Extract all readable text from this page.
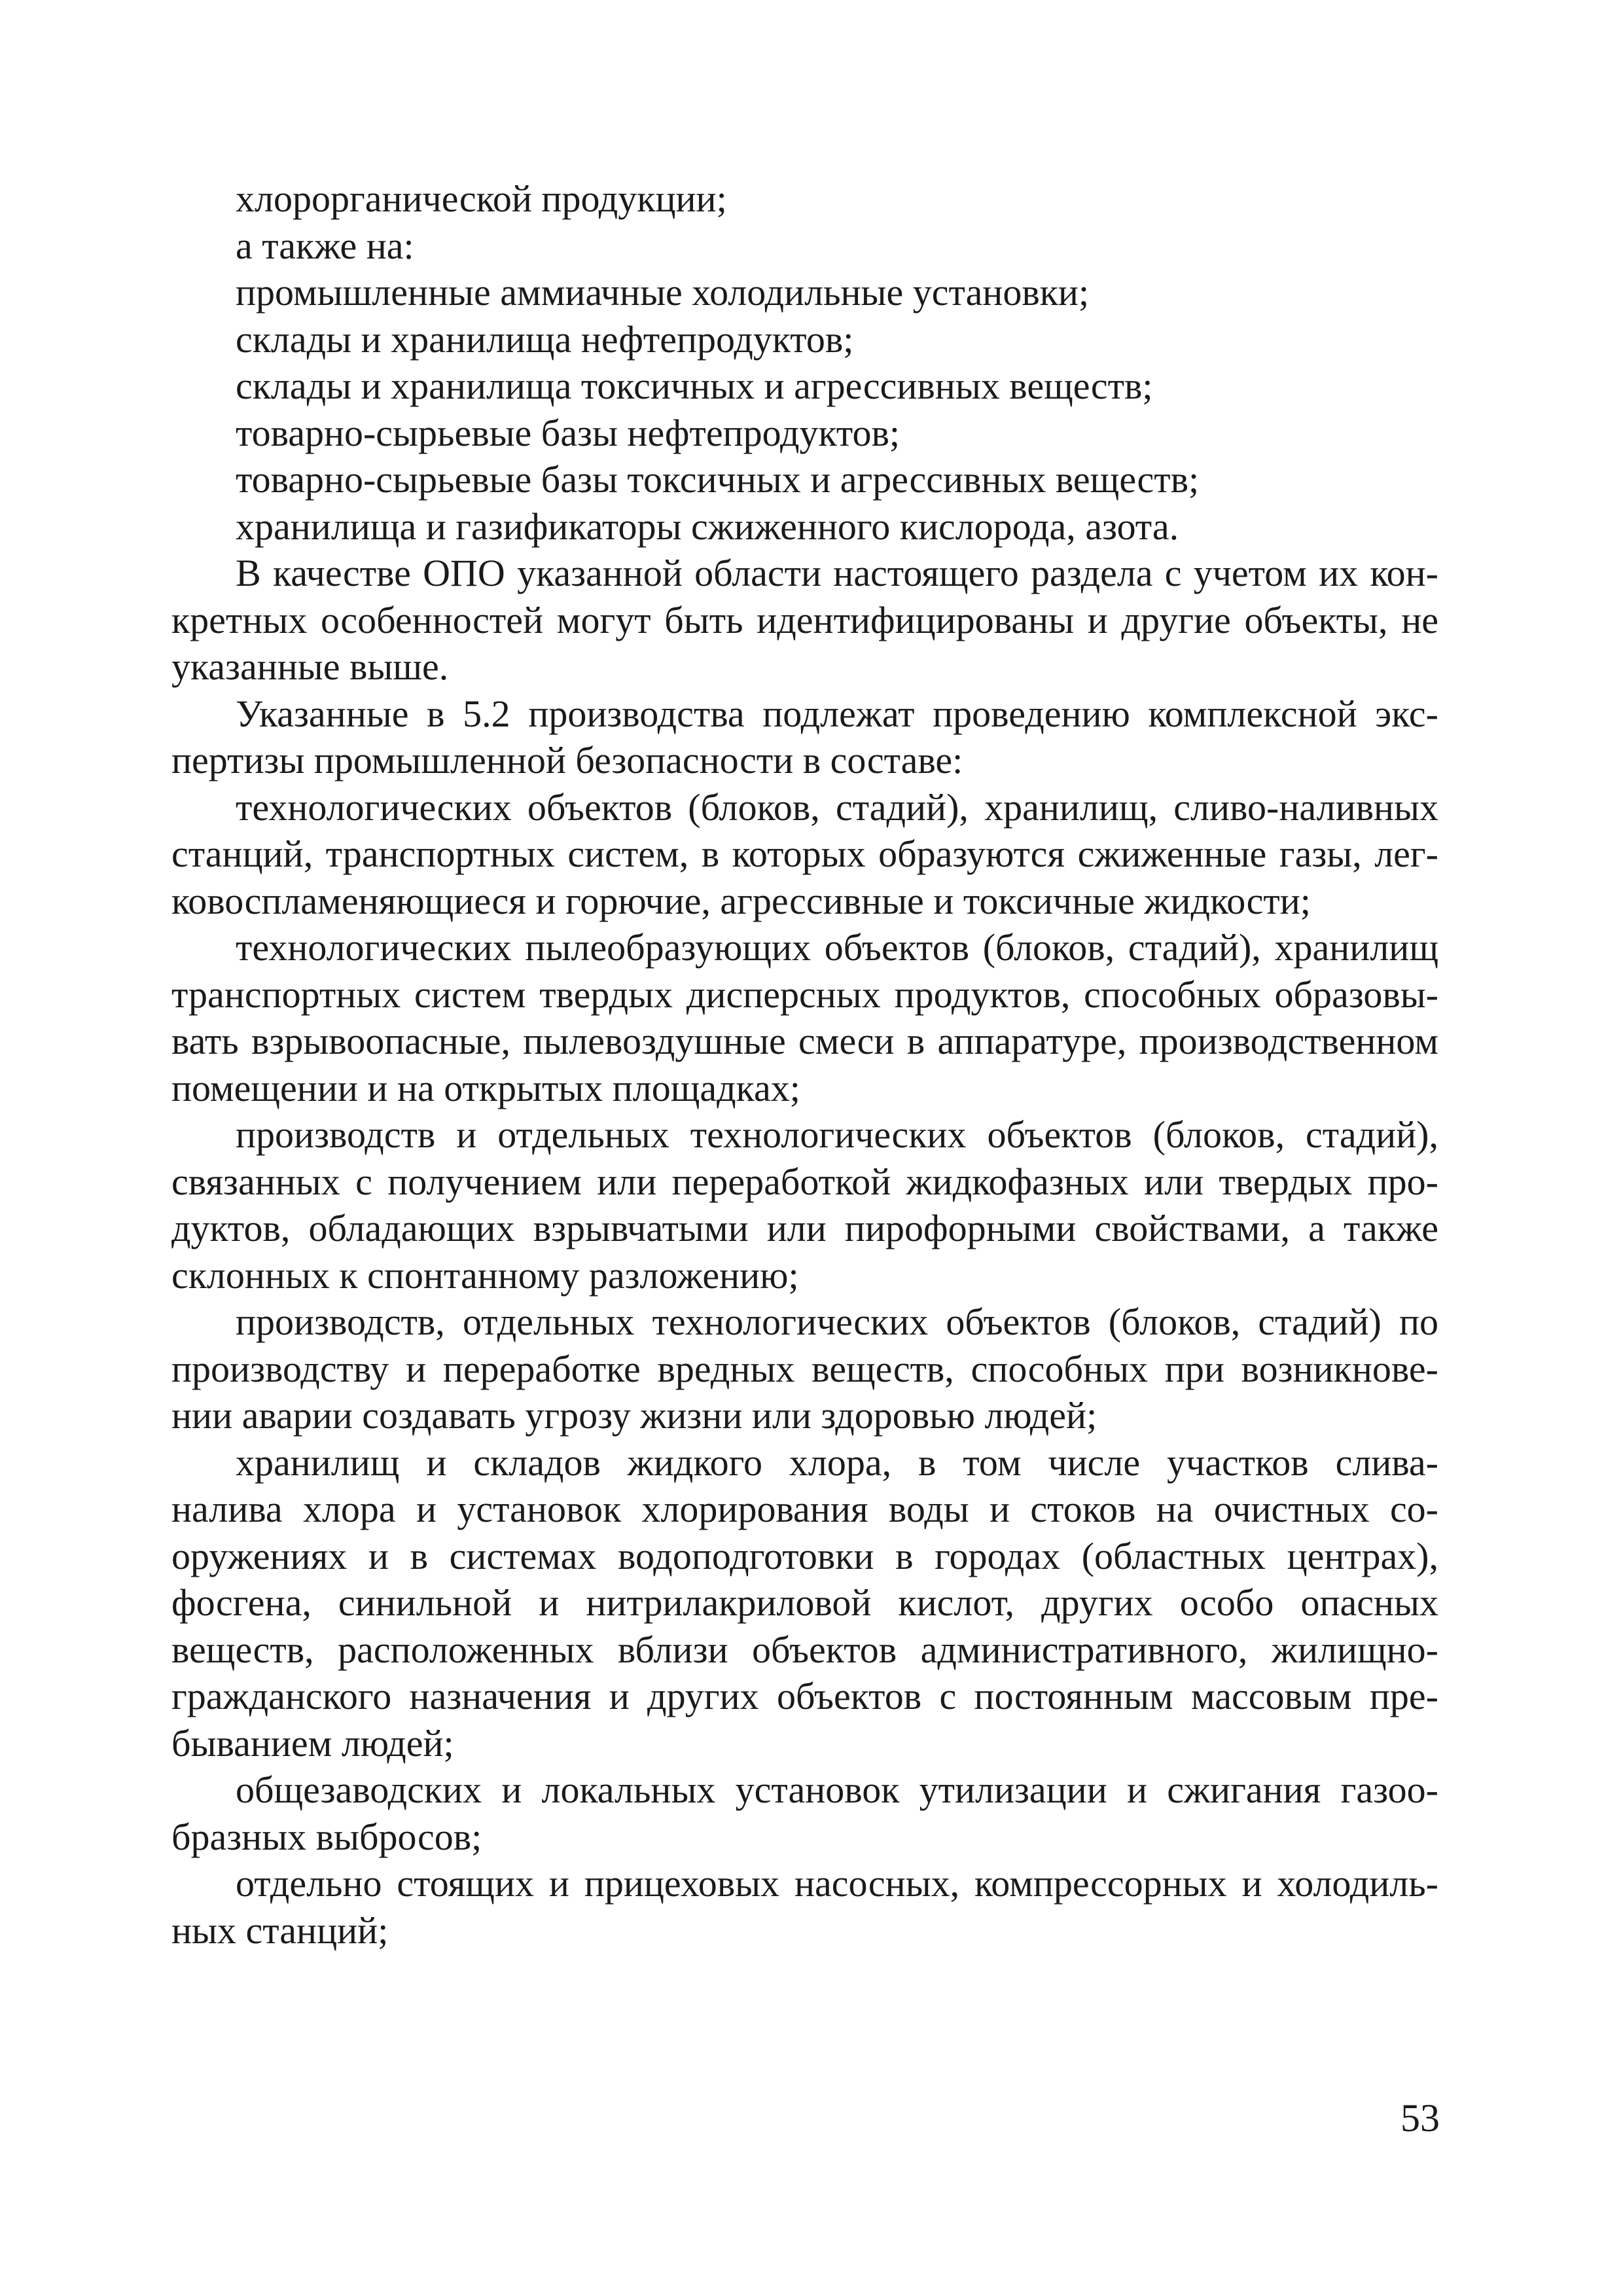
хлорорганической продукции;
а также на:
промышленные аммиачные холодильные установки;
склады и хранилища нефтепродуктов;
склады и хранилища токсичных и агрессивных веществ;
товарно-сырьевые базы нефтепродуктов;
товарно-сырьевые базы токсичных и агрессивных веществ;
хранилища и газификаторы сжиженного кислорода, азота.
В качестве ОПО указанной области настоящего раздела с учетом их кон-
кретных особенностей могут быть идентифицированы и другие объекты, не
указанные выше.
Указанные в 5.2 производства подлежат проведению комплексной экс-
пертизы промышленной безопасности в составе:
технологических объектов (блоков, стадий), хранилищ, сливо-наливных
станций, транспортных систем, в которых образуются сжиженные газы, лег-
ковоспламеняющиеся и горючие, агрессивные и токсичные жидкости;
технологических пылеобразующих объектов (блоков, стадий), хранилищ
транспортных систем твердых дисперсных продуктов, способных образовы-
вать взрывоопасные, пылевоздушные смеси в аппаратуре, производственном
помещении и на открытых площадках;
производств и отдельных технологических объектов (блоков, стадий),
связанных с получением или переработкой жидкофазных или твердых про-
дуктов, обладающих взрывчатыми или пирофорными свойствами, а также
склонных к спонтанному разложению;
производств, отдельных технологических объектов (блоков, стадий) по
производству и переработке вредных веществ, способных при возникнове-
нии аварии создавать угрозу жизни или здоровью людей;
хранилищ и складов жидкого хлора, в том числе участков слива-
налива хлора и установок хлорирования воды и стоков на очистных со-
оружениях и в системах водоподготовки в городах (областных центрах),
фосгена, синильной и нитрилакриловой кислот, других особо опасных
веществ, расположенных вблизи объектов административного, жилищно-
гражданского назначения и других объектов с постоянным массовым пре-
быванием людей;
общезаводских и локальных установок утилизации и сжигания газоо-
бразных выбросов;
отдельно стоящих и прицеховых насосных, компрессорных и холодиль-
ных станций;
53
